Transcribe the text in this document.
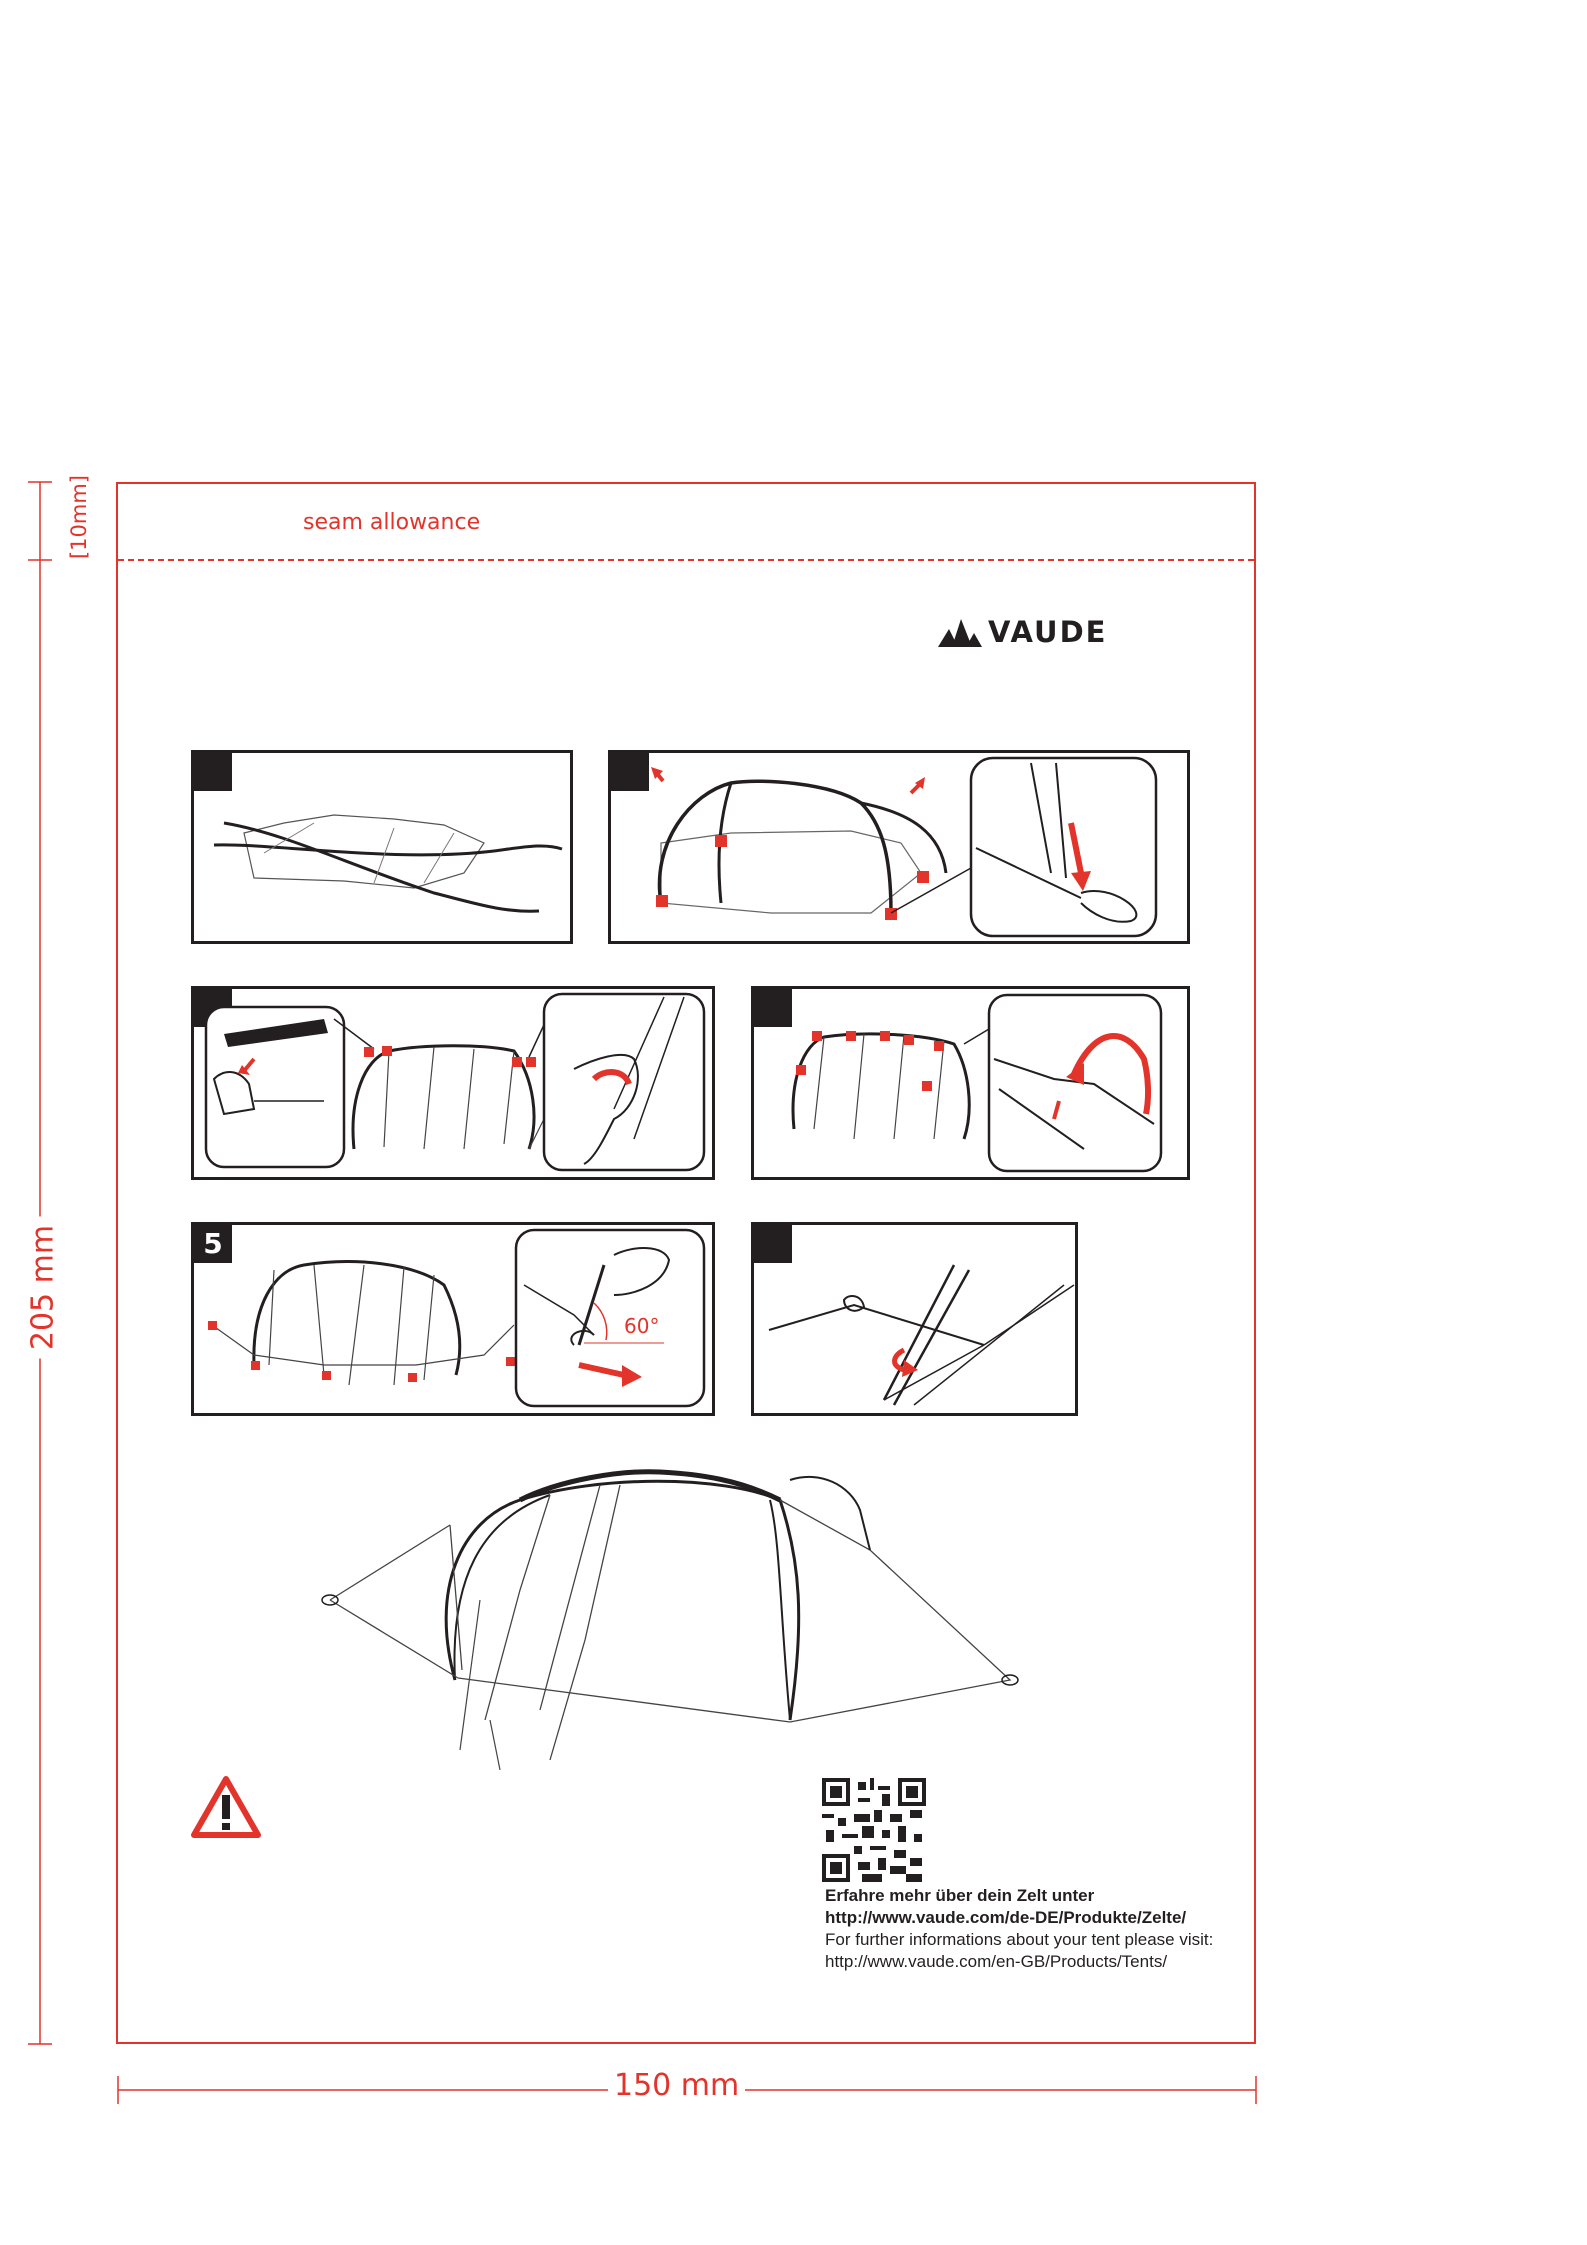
[10mm]
205 mm
150 mm
seam allowance
VAUDE
5
60°
Erfahre mehr über dein Zelt unter
http://www.vaude.com/de-DE/Produkte/Zelte/
For further informations about your tent please visit:
http://www.vaude.com/en-GB/Products/Tents/
